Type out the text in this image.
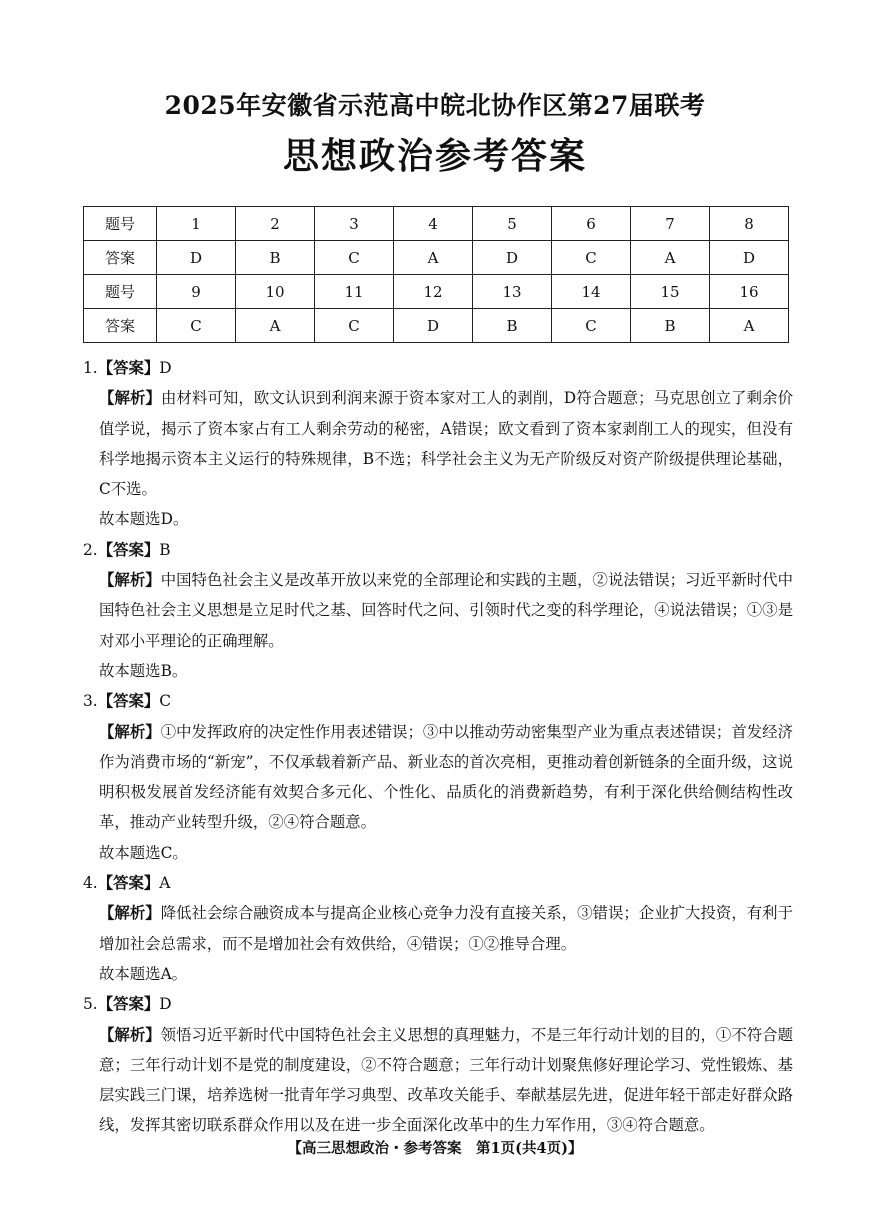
2025年安徽省示范高中皖北协作区第27届联考
思想政治参考答案
题号	1	2	3	4	5	6	7	8
答案	D	B	C	A	D	C	A	D
题号	9	10	11	12	13	14	15	16
答案	C	A	C	D	B	C	B	A

1.【答案】D

【解析】由材料可知，欧文认识到利润来源于资本家对工人的剥削，D符合题意；马克思创立了剩余价值学说，揭示了资本家占有工人剩余劳动的秘密，A错误；欧文看到了资本家剥削工人的现实，但没有科学地揭示资本主义运行的特殊规律，B不选；科学社会主义为无产阶级反对资产阶级提供理论基础，C不选。

故本题选D。

2.【答案】B

【解析】中国特色社会主义是改革开放以来党的全部理论和实践的主题，②说法错误；习近平新时代中国特色社会主义思想是立足时代之基、回答时代之问、引领时代之变的科学理论，④说法错误；①③是对邓小平理论的正确理解。

故本题选B。

3.【答案】C

【解析】①中发挥政府的决定性作用表述错误；③中以推动劳动密集型产业为重点表述错误；首发经济作为消费市场的“新宠”，不仅承载着新产品、新业态的首次亮相，更推动着创新链条的全面升级，这说明积极发展首发经济能有效契合多元化、个性化、品质化的消费新趋势，有利于深化供给侧结构性改革，推动产业转型升级，②④符合题意。

故本题选C。

4.【答案】A

【解析】降低社会综合融资成本与提高企业核心竞争力没有直接关系，③错误；企业扩大投资，有利于增加社会总需求，而不是增加社会有效供给，④错误；①②推导合理。

故本题选A。

5.【答案】D

【解析】领悟习近平新时代中国特色社会主义思想的真理魅力，不是三年行动计划的目的，①不符合题意；三年行动计划不是党的制度建设，②不符合题意；三年行动计划聚焦修好理论学习、党性锻炼、基层实践三门课，培养选树一批青年学习典型、改革攻关能手、奉献基层先进，促进年轻干部走好群众路线，发挥其密切联系群众作用以及在进一步全面深化改革中的生力军作用，③④符合题意。

【高三思想政治・参考答案　第1页(共4页)】
